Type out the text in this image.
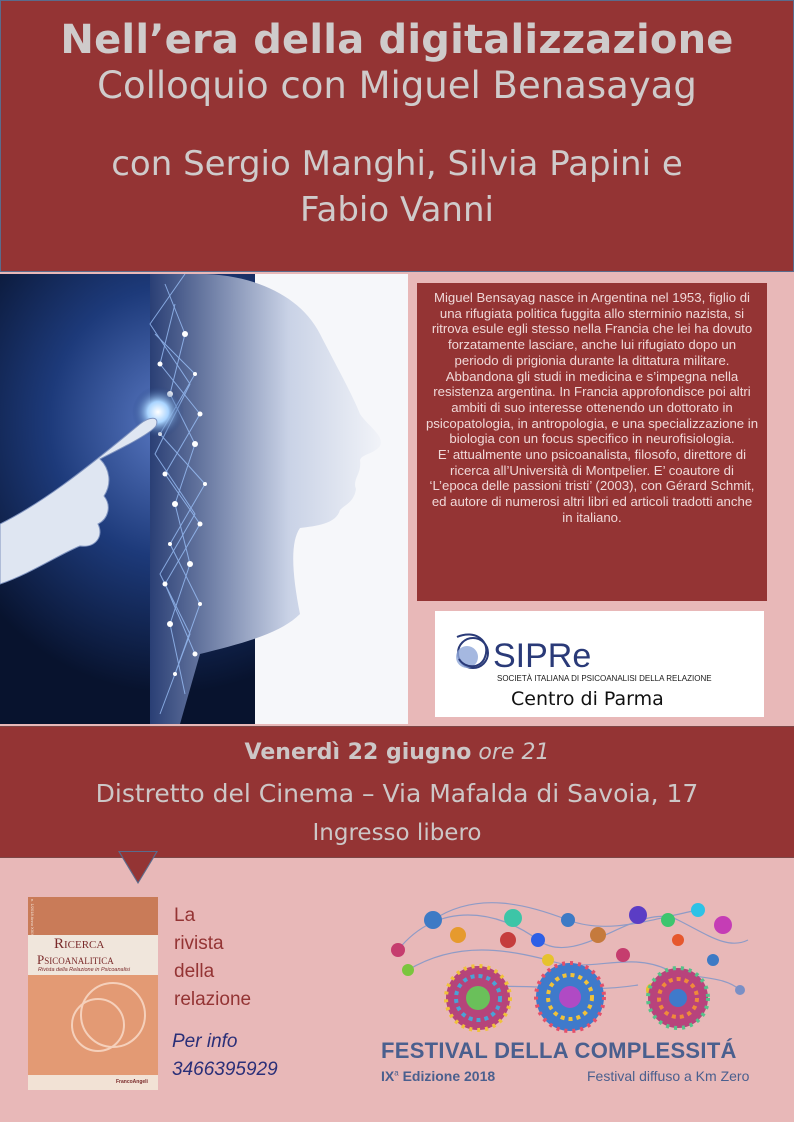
Nell’era della digitalizzazione
Colloquio con Miguel Benasayag
con Sergio Manghi, Silvia Papini e
Fabio Vanni
Miguel Bensayag nasce in Argentina nel 1953, figlio di una rifugiata politica fuggita allo sterminio nazista, si ritrova esule egli stesso nella Francia che lei ha dovuto forzatamente lasciare, anche lui rifugiato dopo un periodo di prigionia durante la dittatura militare. Abbandona gli studi in medicina e s’impegna nella resistenza argentina. In Francia approfondisce poi altri ambiti di suo interesse ottenendo un dottorato in psicopatologia, in antropologia, e una specializzazione in biologia con un focus specifico in neurofisiologia.
E’ attualmente uno psicoanalista, filosofo, direttore di ricerca all’Università di Montpelier. E’ coautore di ‘L’epoca delle passioni tristi’ (2003), con Gérard Schmit, ed autore di numerosi altri libri ed articoli tradotti anche in italiano.
SIPRe
SOCIETÀ ITALIANA DI PSICOANALISI DELLA RELAZIONE
Centro di Parma
Venerdì 22 giugno ore 21
Distretto del Cinema – Via Mafalda di Savoia, 17
Ingresso libero
n. 1/2018 Anno XXIX
Ricerca
Psicoanalitica
Rivista della Relazione in Psicoanalisi
FrancoAngeli
La
rivista
della
relazione
Per info
3466395929
FESTIVAL DELLA COMPLESSITÁ
$IX^a$ Edizione 2018	Festival diffuso a Km Zero
